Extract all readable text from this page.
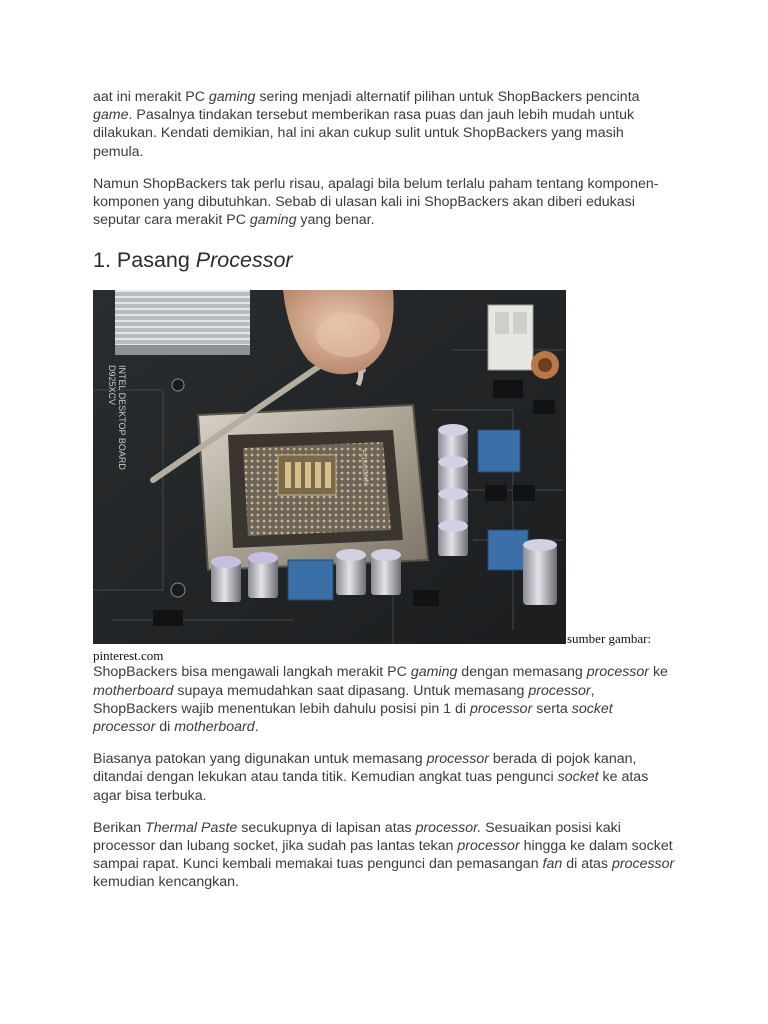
aat ini merakit PC gaming sering menjadi alternatif pilihan untuk ShopBackers pencinta game. Pasalnya tindakan tersebut memberikan rasa puas dan jauh lebih mudah untuk dilakukan. Kendati demikian, hal ini akan cukup sulit untuk ShopBackers yang masih pemula.

Namun ShopBackers tak perlu risau, apalagi bila belum terlalu paham tentang komponen-komponen yang dibutuhkan. Sebab di ulasan kali ini ShopBackers akan diberi edukasi seputar cara merakit PC gaming yang benar.

1. Pasang Processor
INTEL DESKTOP BOARD
D925XCV
FOXCONN
sumber gambar:
pinterest.com

ShopBackers bisa mengawali langkah merakit PC gaming dengan memasang processor ke motherboard supaya memudahkan saat dipasang. Untuk memasang processor, ShopBackers wajib menentukan lebih dahulu posisi pin 1 di processor serta socket processor di motherboard.

Biasanya patokan yang digunakan untuk memasang processor berada di pojok kanan, ditandai dengan lekukan atau tanda titik. Kemudian angkat tuas pengunci socket ke atas agar bisa terbuka.

Berikan Thermal Paste secukupnya di lapisan atas processor. Sesuaikan posisi kaki processor dan lubang socket, jika sudah pas lantas tekan processor hingga ke dalam socket sampai rapat. Kunci kembali memakai tuas pengunci dan pemasangan fan di atas processor kemudian kencangkan.
